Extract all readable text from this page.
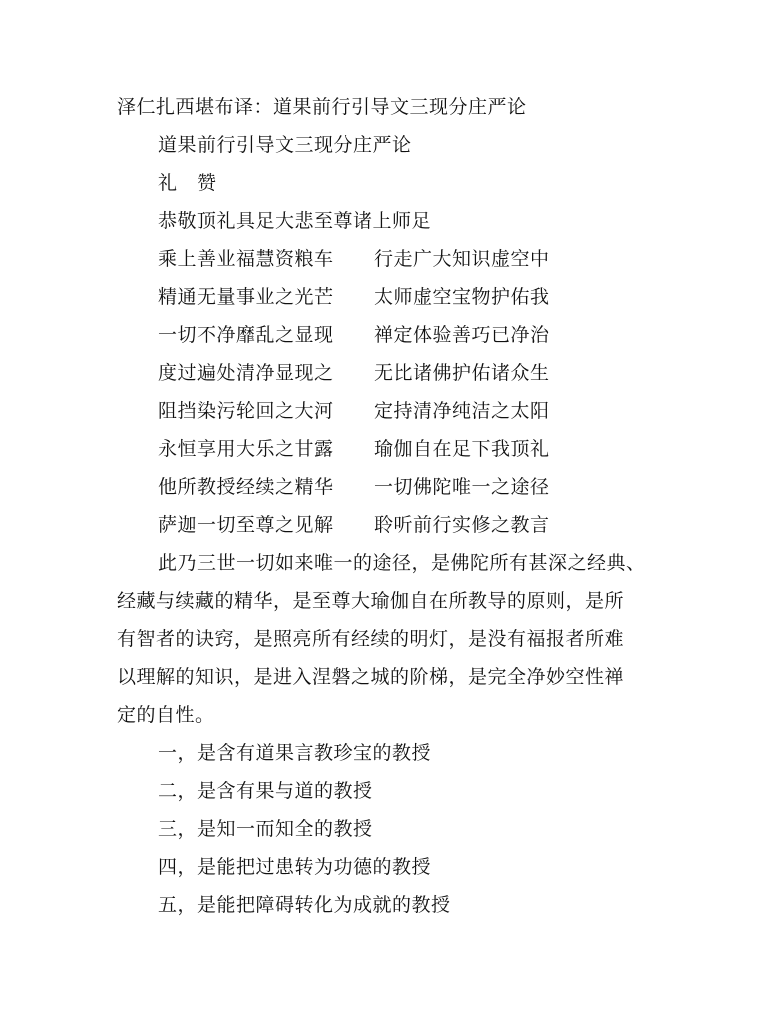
泽仁扎西堪布译：道果前行引导文三现分庄严论
道果前行引导文三现分庄严论
礼　赞
恭敬顶礼具足大悲至尊诸上师足
乘上善业福慧资粮车 行走广大知识虚空中
精通无量事业之光芒 太师虚空宝物护佑我
一切不净靡乱之显现 禅定体验善巧已净治
度过遍处清净显现之 无比诸佛护佑诸众生
阻挡染污轮回之大河 定持清净纯洁之太阳
永恒享用大乐之甘露 瑜伽自在足下我顶礼
他所教授经续之精华 一切佛陀唯一之途径
萨迦一切至尊之见解 聆听前行实修之教言
此乃三世一切如来唯一的途径，是佛陀所有甚深之经典、
经藏与续藏的精华，是至尊大瑜伽自在所教导的原则，是所
有智者的诀窍，是照亮所有经续的明灯，是没有福报者所难
以理解的知识，是进入涅磐之城的阶梯，是完全净妙空性禅
定的自性。
一，是含有道果言教珍宝的教授
二，是含有果与道的教授
三，是知一而知全的教授
四，是能把过患转为功德的教授
五，是能把障碍转化为成就的教授
